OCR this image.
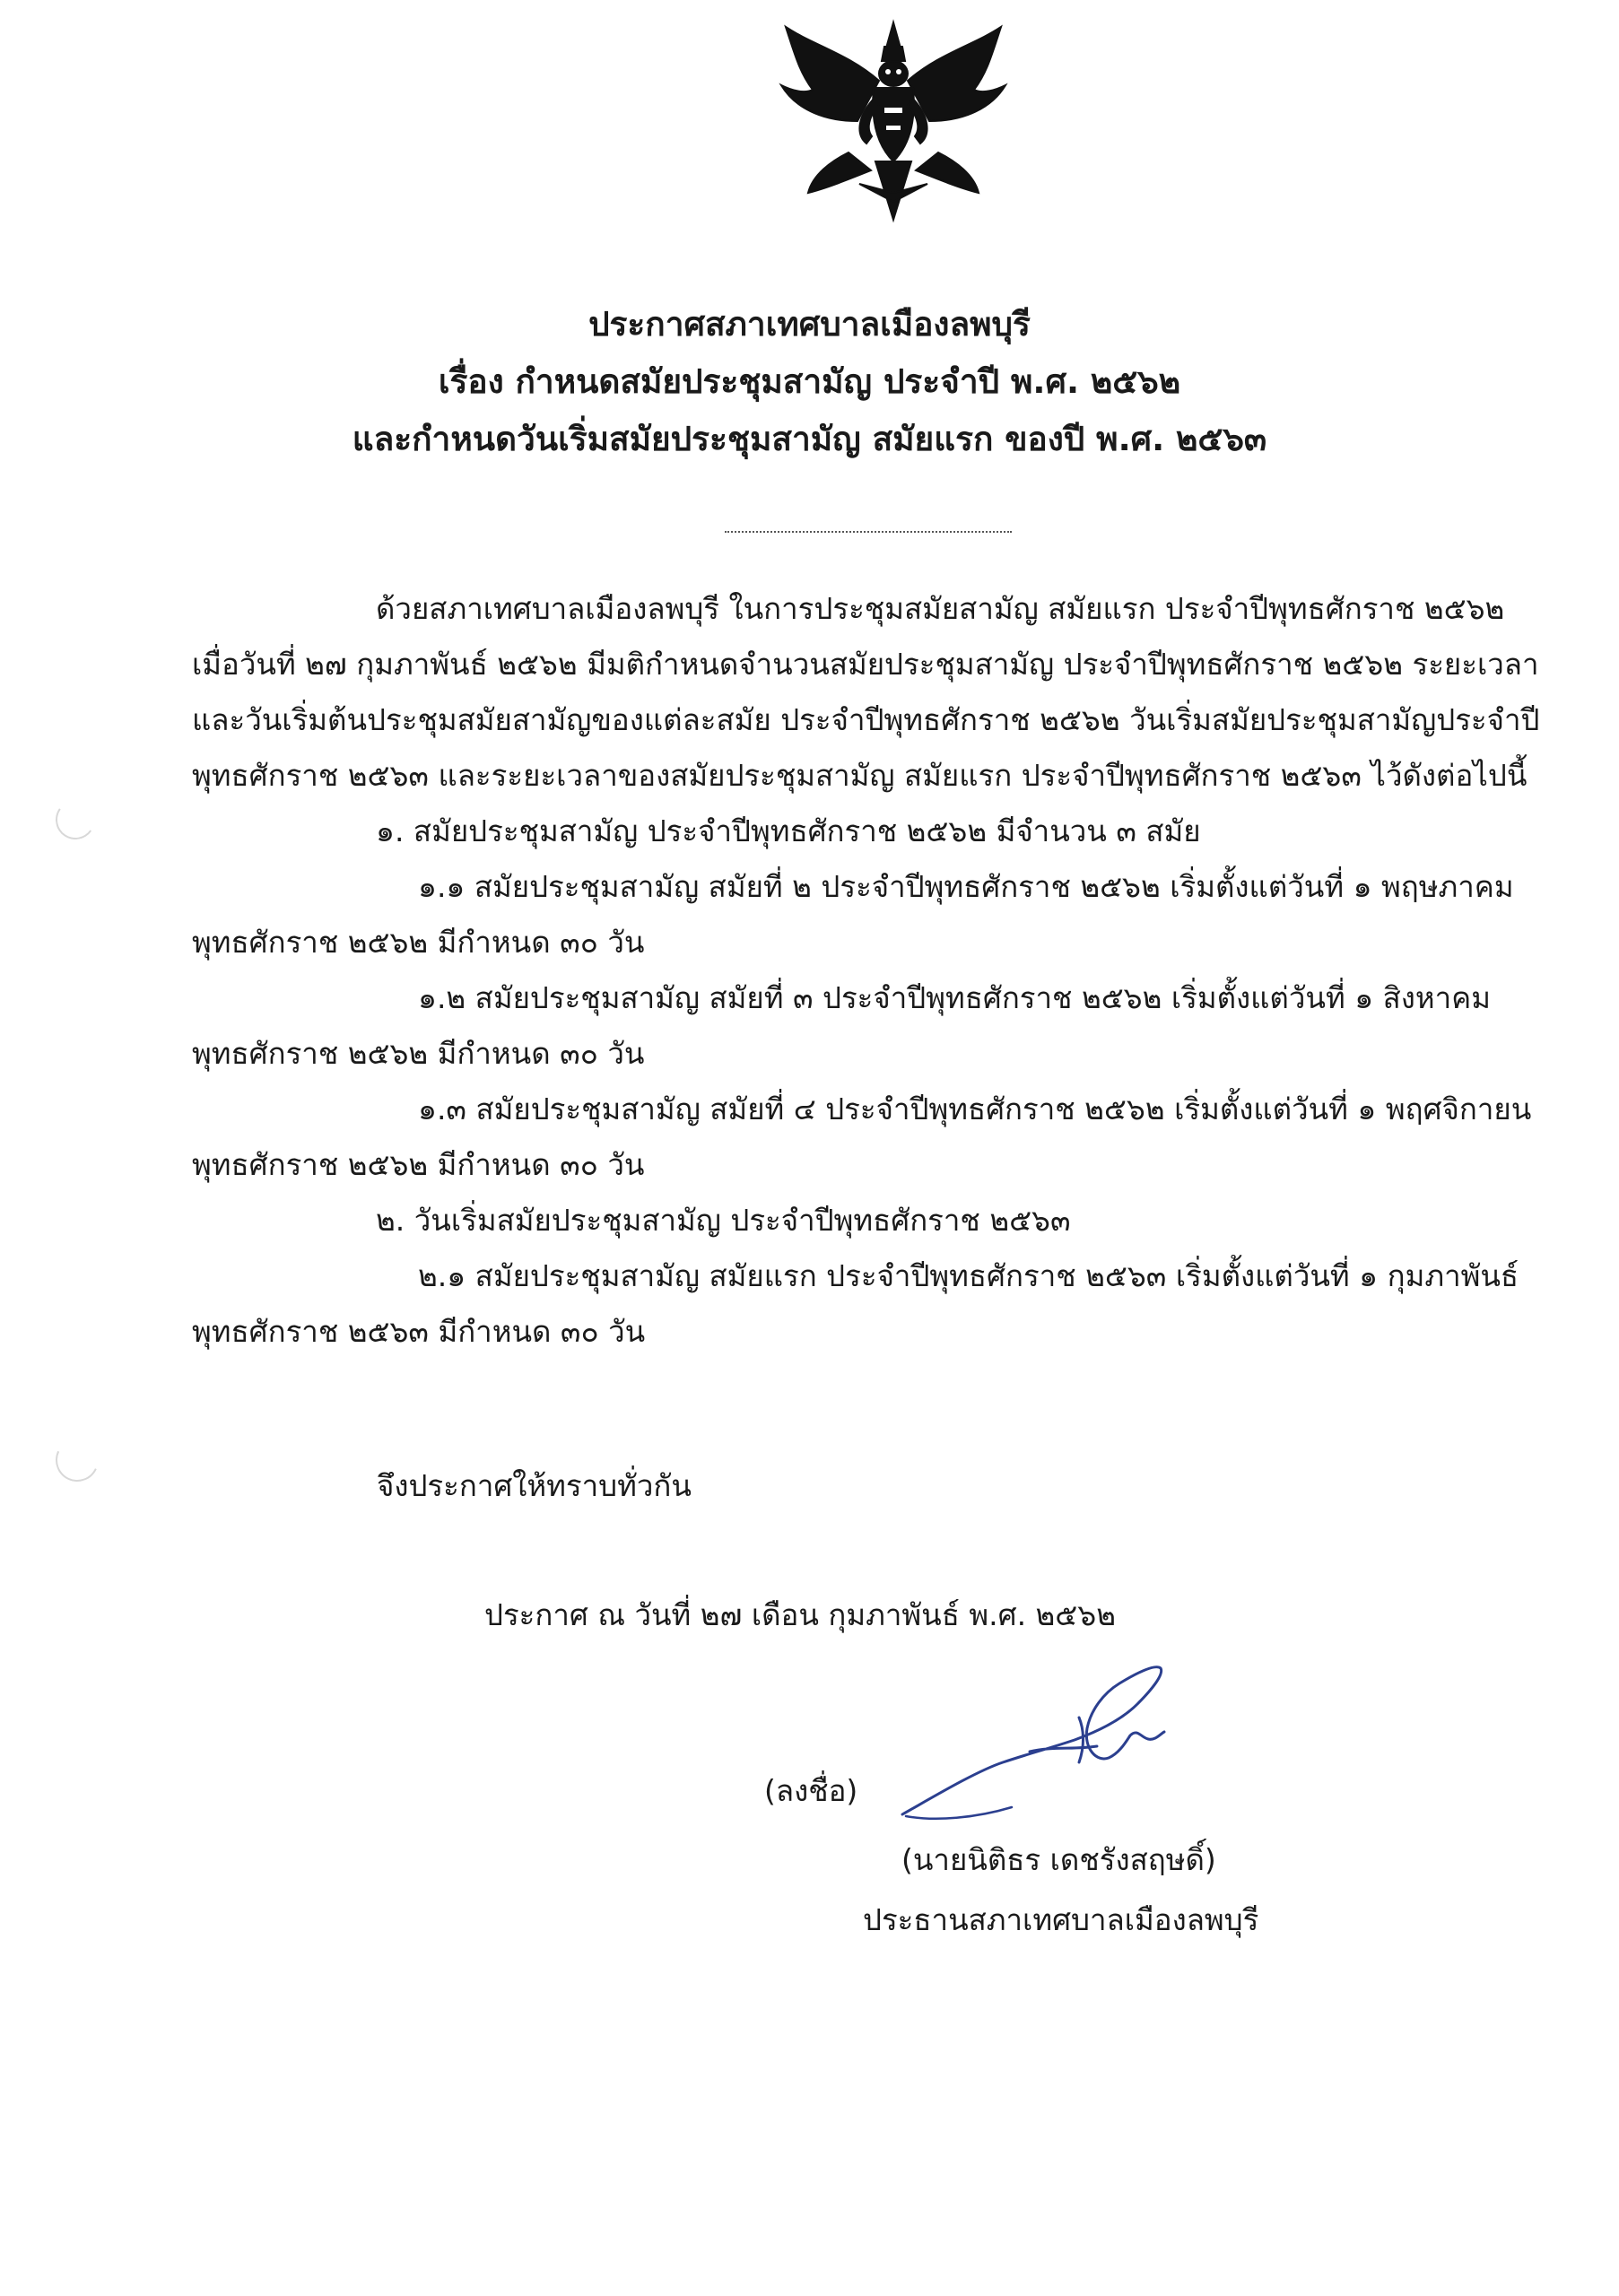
ประกาศสภาเทศบาลเมืองลพบุรี
เรื่อง กำหนดสมัยประชุมสามัญ ประจำปี พ.ศ. ๒๕๖๒
และกำหนดวันเริ่มสมัยประชุมสามัญ สมัยแรก ของปี พ.ศ. ๒๕๖๓
ด้วยสภาเทศบาลเมืองลพบุรี ในการประชุมสมัยสามัญ สมัยแรก ประจำปีพุทธศักราช ๒๕๖๒
เมื่อวันที่ ๒๗ กุมภาพันธ์ ๒๕๖๒ มีมติกำหนดจำนวนสมัยประชุมสามัญ ประจำปีพุทธศักราช ๒๕๖๒ ระยะเวลา
และวันเริ่มต้นประชุมสมัยสามัญของแต่ละสมัย ประจำปีพุทธศักราช ๒๕๖๒ วันเริ่มสมัยประชุมสามัญประจำปี
พุทธศักราช ๒๕๖๓ และระยะเวลาของสมัยประชุมสามัญ สมัยแรก ประจำปีพุทธศักราช ๒๕๖๓ ไว้ดังต่อไปนี้
๑. สมัยประชุมสามัญ ประจำปีพุทธศักราช ๒๕๖๒ มีจำนวน ๓ สมัย
๑.๑ สมัยประชุมสามัญ สมัยที่ ๒ ประจำปีพุทธศักราช ๒๕๖๒ เริ่มตั้งแต่วันที่ ๑ พฤษภาคม
พุทธศักราช ๒๕๖๒ มีกำหนด ๓๐ วัน
๑.๒ สมัยประชุมสามัญ สมัยที่ ๓ ประจำปีพุทธศักราช ๒๕๖๒ เริ่มตั้งแต่วันที่ ๑ สิงหาคม
พุทธศักราช ๒๕๖๒ มีกำหนด ๓๐ วัน
๑.๓ สมัยประชุมสามัญ สมัยที่ ๔ ประจำปีพุทธศักราช ๒๕๖๒ เริ่มตั้งแต่วันที่ ๑ พฤศจิกายน
พุทธศักราช ๒๕๖๒ มีกำหนด ๓๐ วัน
๒. วันเริ่มสมัยประชุมสามัญ ประจำปีพุทธศักราช ๒๕๖๓
๒.๑ สมัยประชุมสามัญ สมัยแรก ประจำปีพุทธศักราช ๒๕๖๓ เริ่มตั้งแต่วันที่ ๑ กุมภาพันธ์
พุทธศักราช ๒๕๖๓ มีกำหนด ๓๐ วัน
จึงประกาศให้ทราบทั่วกัน
ประกาศ ณ วันที่ ๒๗ เดือน กุมภาพันธ์ พ.ศ. ๒๕๖๒
(ลงชื่อ)
(นายนิติธร เดชรังสฤษดิ์)
ประธานสภาเทศบาลเมืองลพบุรี
